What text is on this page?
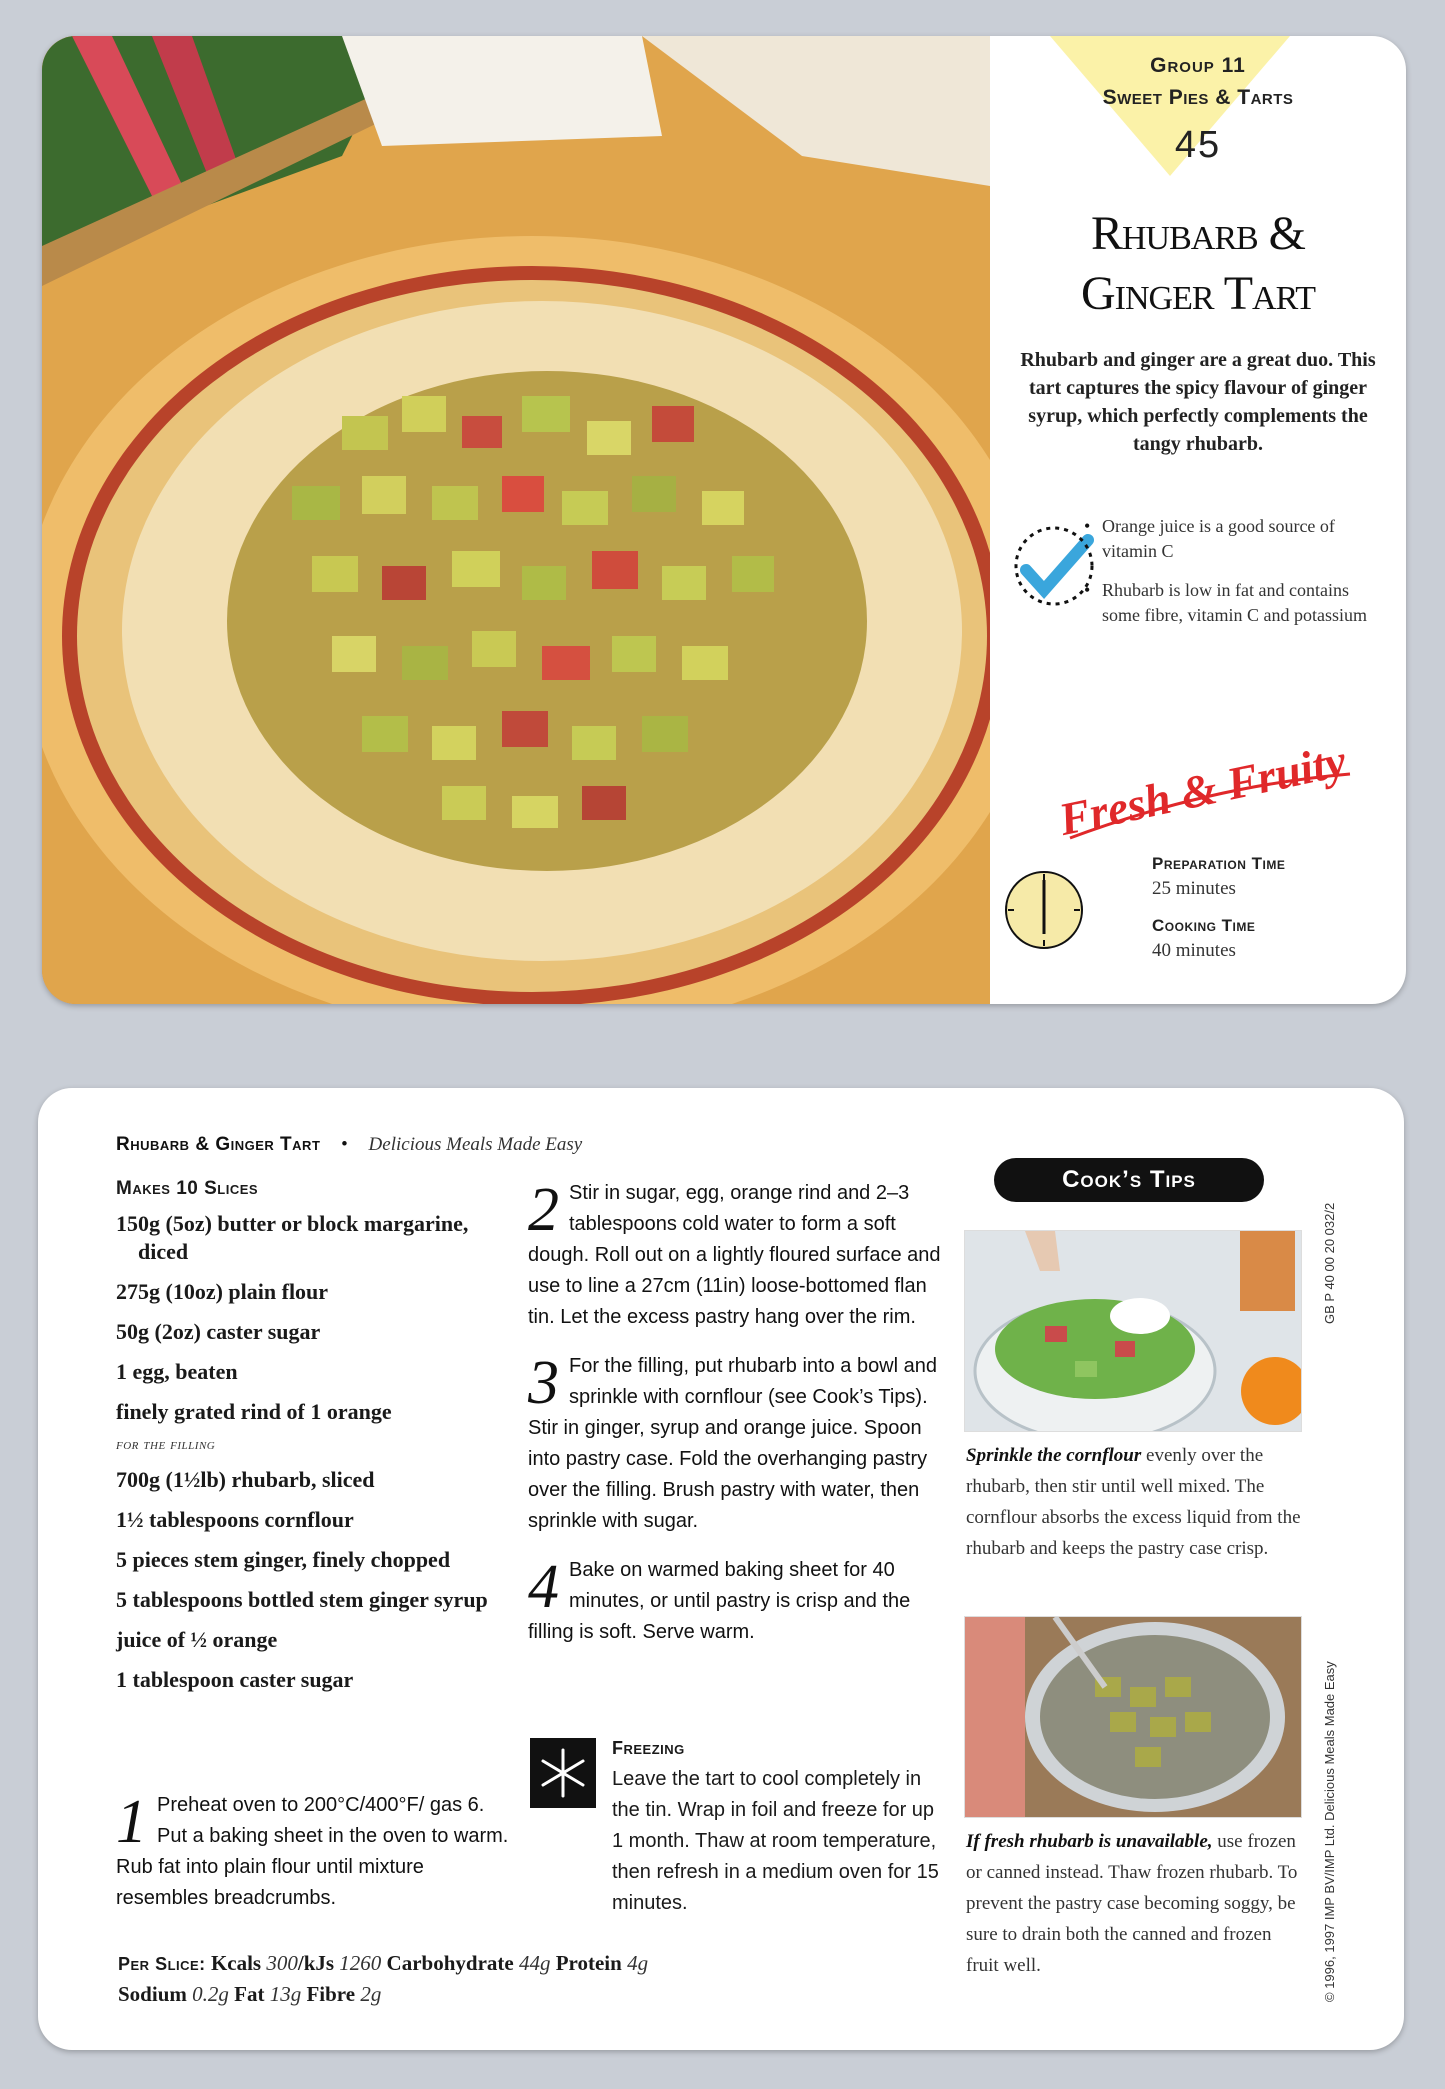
Group 11
Sweet Pies & Tarts
45
Rhubarb &
Ginger Tart
Rhubarb and ginger are a great duo. This tart captures the spicy flavour of ginger syrup, which perfectly complements the tangy rhubarb.
• Orange juice is a good source of vitamin C
• Rhubarb is low in fat and contains some fibre, vitamin C and potassium
Fresh & Fruity
Preparation Time
25 minutes
Cooking Time
40 minutes
Rhubarb & Ginger Tart • Delicious Meals Made Easy
Makes 10 Slices
150g (5oz) butter or block margarine, diced
275g (10oz) plain flour
50g (2oz) caster sugar
1 egg, beaten
finely grated rind of 1 orange
for the filling
700g (1½lb) rhubarb, sliced
1½ tablespoons cornflour
5 pieces stem ginger, finely chopped
5 tablespoons bottled stem ginger syrup
juice of ½ orange
1 tablespoon caster sugar
1 Preheat oven to 200°C/400°F/ gas 6. Put a baking sheet in the oven to warm. Rub fat into plain flour until mixture resembles breadcrumbs.
2 Stir in sugar, egg, orange rind and 2–3 tablespoons cold water to form a soft dough. Roll out on a lightly floured surface and use to line a 27cm (11in) loose-bottomed flan tin. Let the excess pastry hang over the rim.
3 For the filling, put rhubarb into a bowl and sprinkle with cornflour (see Cook’s Tips). Stir in ginger, syrup and orange juice. Spoon into pastry case. Fold the overhanging pastry over the filling. Brush pastry with water, then sprinkle with sugar.
4 Bake on warmed baking sheet for 40 minutes, or until pastry is crisp and the filling is soft. Serve warm.
Freezing
Leave the tart to cool completely in the tin. Wrap in foil and freeze for up 1 month. Thaw at room temperature, then refresh in a medium oven for 15 minutes.
Per Slice: Kcals 300/kJs 1260 Carbohydrate 44g Protein 4g
Sodium 0.2g Fat 13g Fibre 2g
Cook’s Tips
Sprinkle the cornflour evenly over the rhubarb, then stir until well mixed. The cornflour absorbs the excess liquid from the rhubarb and keeps the pastry case crisp.
If fresh rhubarb is unavailable, use frozen or canned instead. Thaw frozen rhubarb. To prevent the pastry case becoming soggy, be sure to drain both the canned and frozen fruit well.
GB P 40 00 20 032/2
© 1996, 1997 IMP BV/IMP Ltd. Delicious Meals Made Easy
